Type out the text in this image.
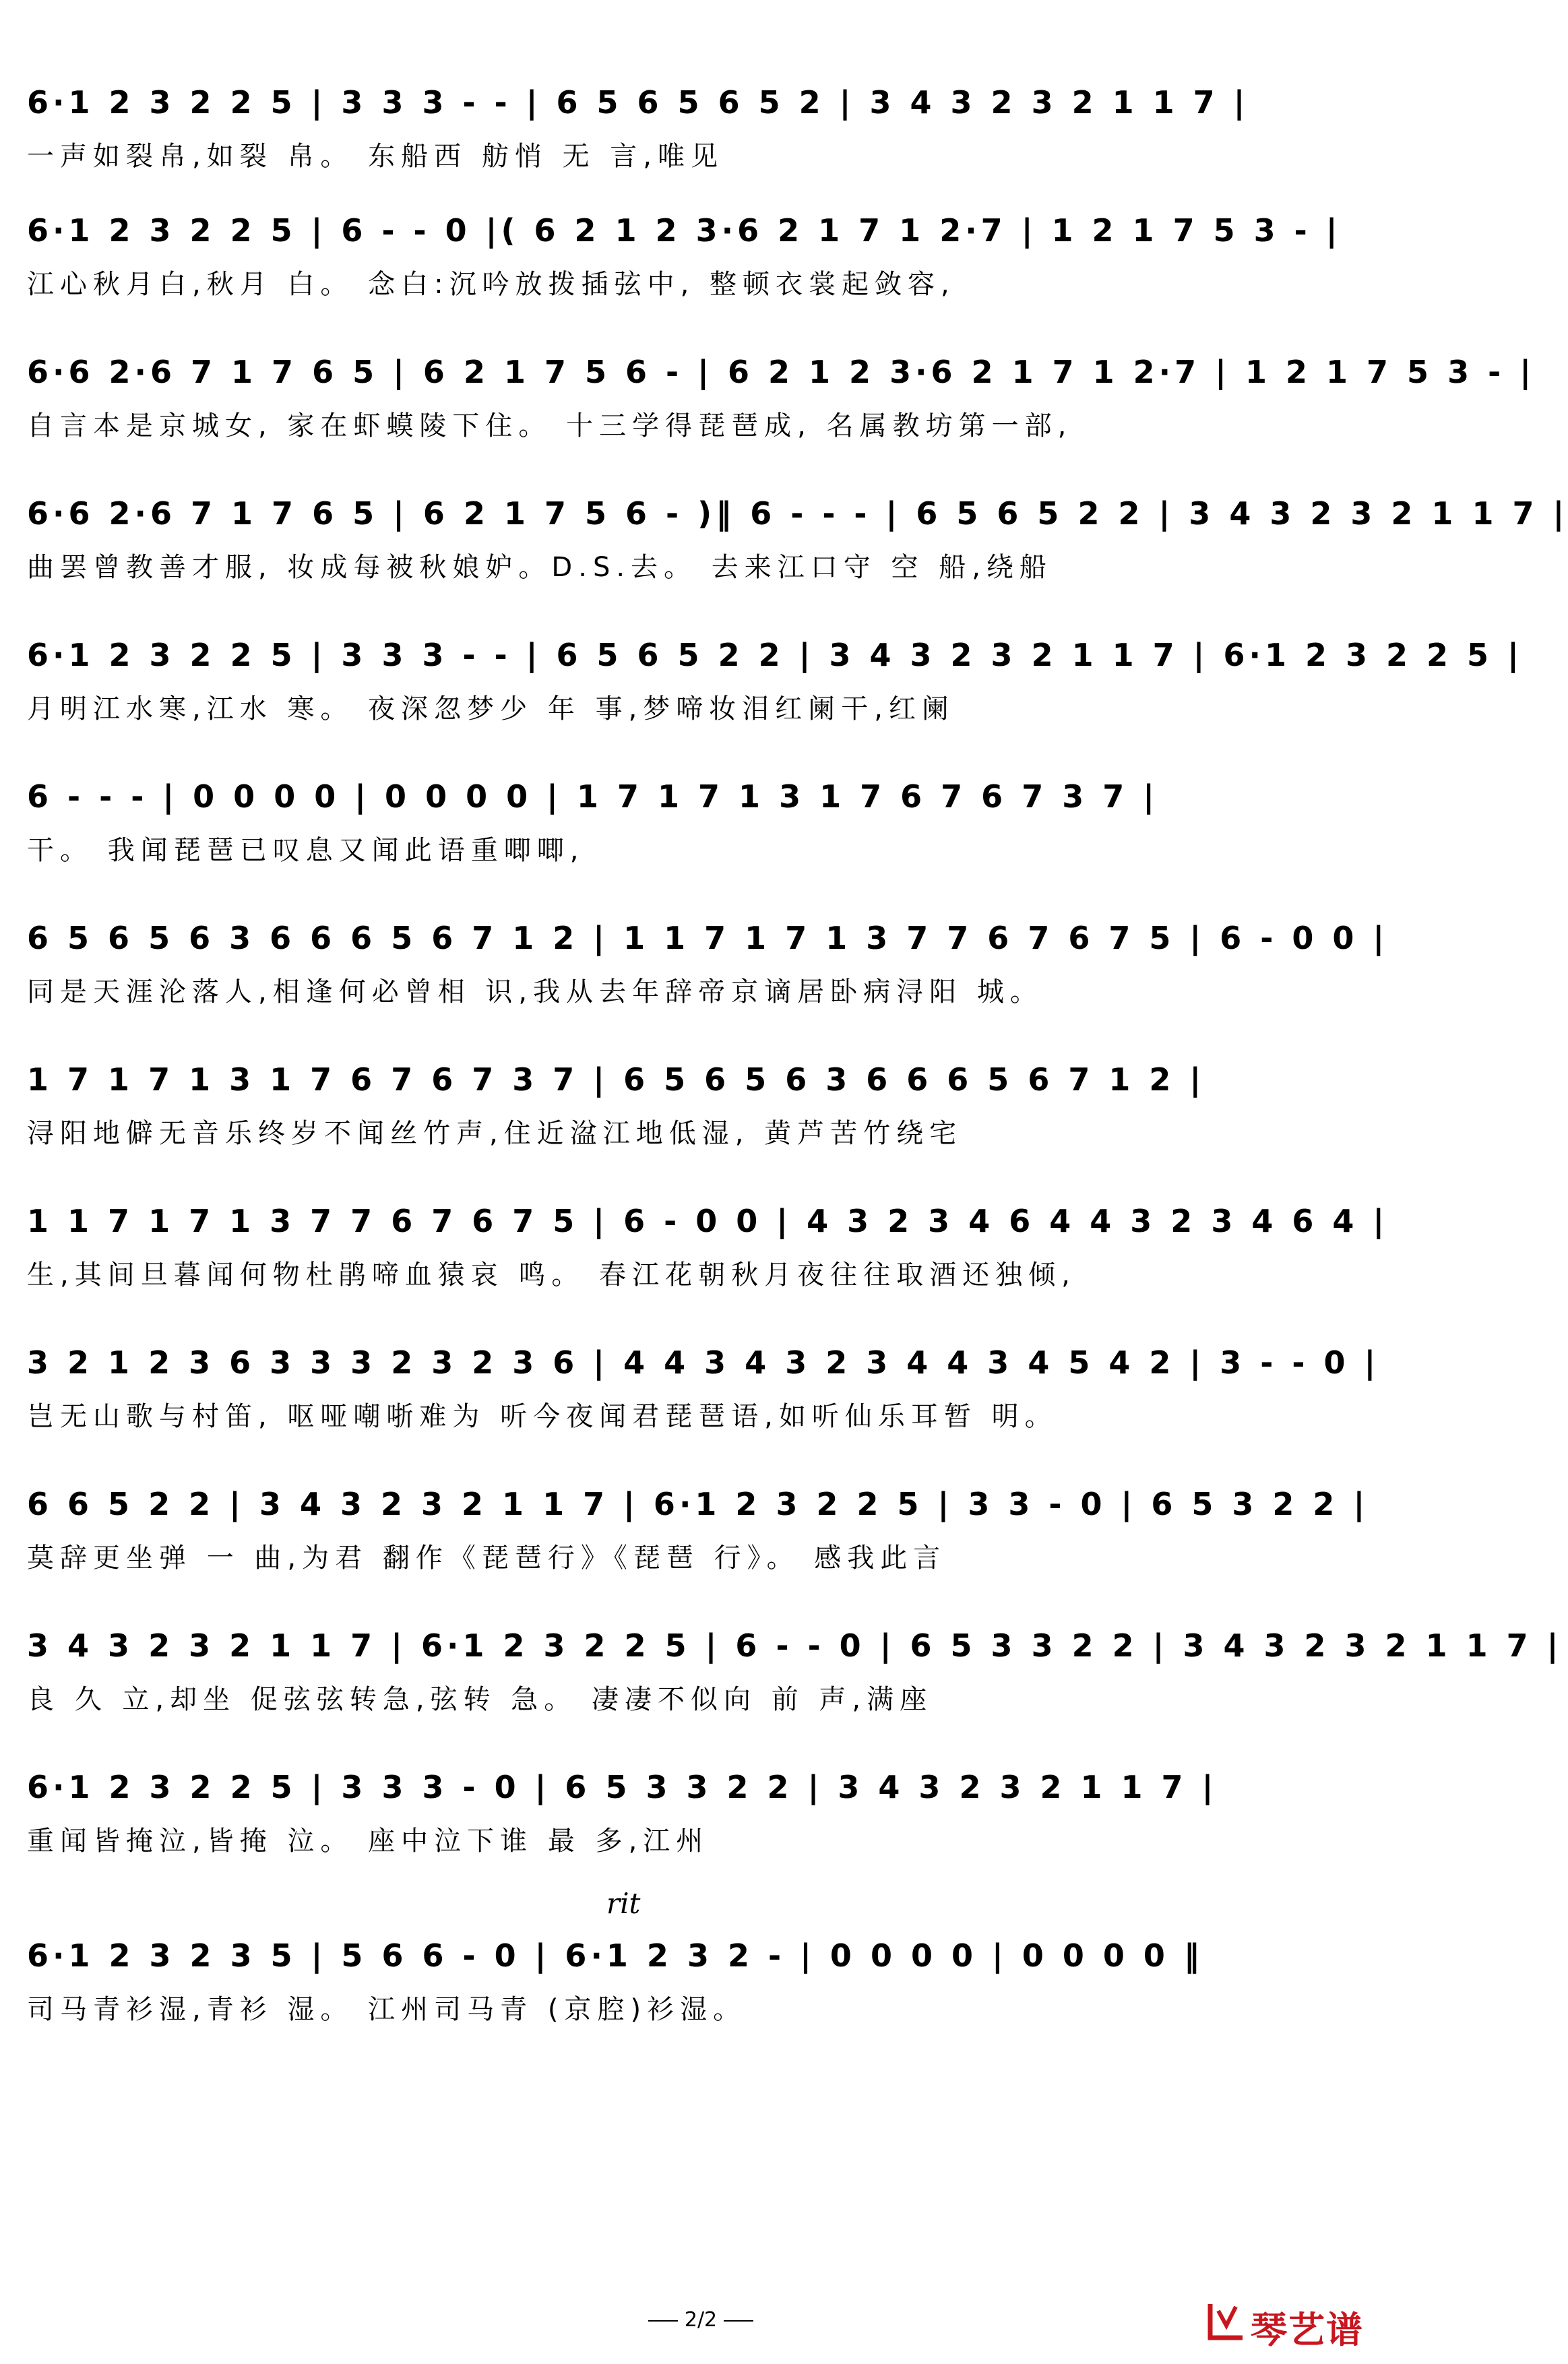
6·1 2 3 2 2 5 | 3 3 3 - - | 6 5 6 5 6 5 2 | 3 4 3 2 3 2 1 1 7 |
一声如裂帛,如裂 帛。 东船西 舫悄 无 言,唯见
6·1 2 3 2 2 5 | 6 - - 0 |( 6 2 1 2 3·6 2 1 7 1 2·7 | 1 2 1 7 5 3 - |
江心秋月白,秋月 白。 念白:沉吟放拨插弦中, 整顿衣裳起敛容,
6·6 2·6 7 1 7 6 5 | 6 2 1 7 5 6 - | 6 2 1 2 3·6 2 1 7 1 2·7 | 1 2 1 7 5 3 - |
自言本是京城女, 家在虾蟆陵下住。 十三学得琵琶成, 名属教坊第一部,
6·6 2·6 7 1 7 6 5 | 6 2 1 7 5 6 - )‖ 6 - - - | 6 5 6 5 2 2 | 3 4 3 2 3 2 1 1 7 |
曲罢曾教善才服, 妆成每被秋娘妒。D.S.去。 去来江口守 空 船,绕船
6·1 2 3 2 2 5 | 3 3 3 - - | 6 5 6 5 2 2 | 3 4 3 2 3 2 1 1 7 | 6·1 2 3 2 2 5 |
月明江水寒,江水 寒。 夜深忽梦少 年 事,梦啼妆泪红阑干,红阑
6 - - - | 0 0 0 0 | 0 0 0 0 | 1 7 1 7 1 3 1 7 6 7 6 7 3 7 |
干。 我闻琵琶已叹息又闻此语重唧唧,
6 5 6 5 6 3 6 6 6 5 6 7 1 2 | 1 1 7 1 7 1 3 7 7 6 7 6 7 5 | 6 - 0 0 |
同是天涯沦落人,相逢何必曾相 识,我从去年辞帝京谪居卧病浔阳 城。
1 7 1 7 1 3 1 7 6 7 6 7 3 7 | 6 5 6 5 6 3 6 6 6 5 6 7 1 2 |
浔阳地僻无音乐终岁不闻丝竹声,住近湓江地低湿, 黄芦苦竹绕宅
1 1 7 1 7 1 3 7 7 6 7 6 7 5 | 6 - 0 0 | 4 3 2 3 4 6 4 4 3 2 3 4 6 4 |
生,其间旦暮闻何物杜鹃啼血猿哀 鸣。 春江花朝秋月夜往往取酒还独倾,
3 2 1 2 3 6 3 3 3 2 3 2 3 6 | 4 4 3 4 3 2 3 4 4 3 4 5 4 2 | 3 - - 0 |
岂无山歌与村笛, 呕哑嘲哳难为 听今夜闻君琵琶语,如听仙乐耳暂 明。
6 6 5 2 2 | 3 4 3 2 3 2 1 1 7 | 6·1 2 3 2 2 5 | 3 3 - 0 | 6 5 3 2 2 |
莫辞更坐弹 一 曲,为君 翻作《琵琶行》《琵琶 行》。 感我此言
3 4 3 2 3 2 1 1 7 | 6·1 2 3 2 2 5 | 6 - - 0 | 6 5 3 3 2 2 | 3 4 3 2 3 2 1 1 7 |
良 久 立,却坐 促弦弦转急,弦转 急。 凄凄不似向 前 声,满座
6·1 2 3 2 2 5 | 3 3 3 - 0 | 6 5 3 3 2 2 | 3 4 3 2 3 2 1 1 7 |
重闻皆掩泣,皆掩 泣。 座中泣下谁 最 多,江州
rit
6·1 2 3 2 3 5 | 5 6 6 - 0 | 6·1 2 3 2 - | 0 0 0 0 | 0 0 0 0 ‖
司马青衫湿,青衫 湿。 江州司马青 (京腔)衫湿。
2/2	琴艺谱
